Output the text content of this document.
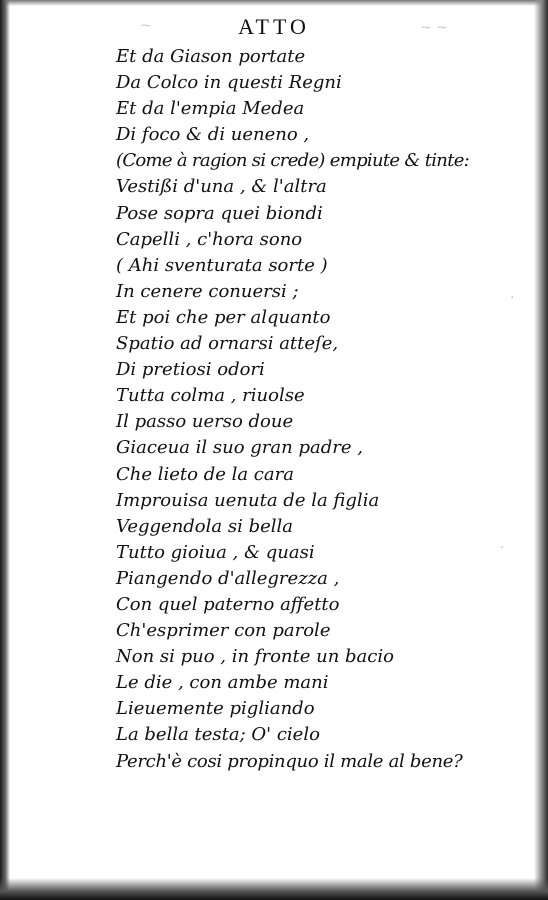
~	~ ~
·
·
ATTO
Et da Giason portate
Da Colco in questi Regni
Et da l'empia Medea
Di foco & di ueneno ,
(Come à ragion si crede) empiute & tinte:
Vestißi d'una , & l'altra
Pose sopra quei biondi
Capelli , c'hora sono
( Ahi sventurata sorte )
In cenere conuersi ;
Et poi che per alquanto
Spatio ad ornarsi atteſe,
Di pretiosi odori
Tutta colma , riuolse
Il passo uerso doue
Giaceua il suo gran padre ,
Che lieto de la cara
Improuisa uenuta de la figlia
Veggendola si bella
Tutto gioiua , & quasi
Piangendo d'allegrezza ,
Con quel paterno affetto
Ch'esprimer con parole
Non si puo , in fronte un bacio
Le die , con ambe mani
Lieuemente pigliando
La bella testa; O' cielo
Perch'è cosi propinquo il male al bene?
